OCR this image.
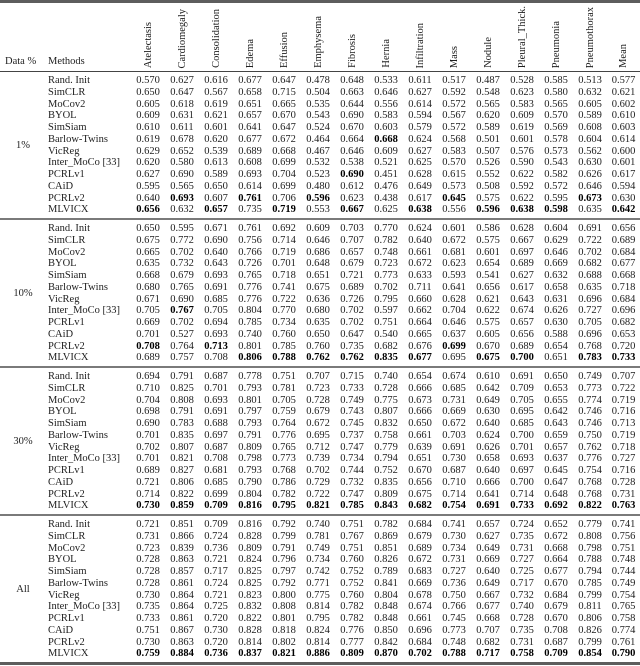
Data %	Methods	Atelectasis Cardiomegaly Consolidation Edema Effusion Emphysema Fibrosis Hernia Infiltration Mass Nodule Pleural_Thick. Pneumonia Pneumothorax Mean
1%
Rand. Init	0.570 0.627 0.616 0.677 0.647 0.478 0.648 0.533	0.611	0.517 0.487 0.528 0.585 0.513 0.577
SimCLR	0.650 0.647 0.567 0.658 0.715 0.504 0.663 0.646 0.627 0.592 0.548 0.623 0.580 0.632 0.621
MoCov2	0.605 0.618 0.619 0.651 0.665 0.535 0.644 0.556 0.614 0.572 0.565 0.583 0.565 0.605 0.602
BYOL	0.609 0.631 0.621 0.657 0.670 0.543 0.690 0.583 0.594 0.567 0.620 0.609 0.570 0.589 0.610
SimSiam	0.610	0.611	0.601 0.641 0.647 0.524 0.670 0.603 0.579 0.572 0.589 0.619 0.569 0.608 0.603
Barlow-Twins	0.619 0.678 0.620 0.677 0.672 0.464 0.664 0.668 0.624 0.568 0.501 0.601 0.578 0.604 0.614
VicReg	0.629 0.652 0.539 0.689 0.668 0.467 0.646 0.609 0.627 0.583 0.507 0.576 0.573 0.562 0.600
Inter_MoCo [33]	0.620 0.580 0.613 0.608 0.699 0.532 0.538 0.521 0.625 0.570 0.526 0.590 0.543 0.630 0.601
PCRLv1	0.627 0.690 0.589 0.693 0.704 0.523 0.690 0.451 0.628 0.615 0.552 0.622 0.582 0.626 0.617
CAiD	0.595 0.565 0.650 0.614 0.699 0.480 0.612 0.476 0.649 0.573 0.508 0.592 0.572 0.646 0.594
PCRLv2	0.640 0.693 0.607 0.761 0.706 0.596 0.623 0.438 0.617 0.645 0.575 0.622 0.595 0.673 0.630
MLVICX	0.656 0.632 0.657 0.735 0.719 0.553 0.667 0.625 0.638 0.556 0.596 0.638 0.598 0.635 0.642
10%
Rand. Init	0.650 0.595 0.671 0.761 0.692 0.609 0.703 0.770 0.624 0.601 0.586 0.628 0.604 0.691 0.656
SimCLR	0.675 0.772 0.690 0.756 0.714 0.646 0.707 0.782 0.640 0.672 0.575 0.667 0.629 0.722 0.689
MoCov2	0.665 0.702 0.640 0.766 0.719 0.686 0.657 0.748 0.661 0.681 0.601 0.697 0.646 0.702 0.684
BYOL	0.635 0.732 0.643 0.726 0.701 0.648 0.679 0.723 0.672 0.623 0.654 0.689 0.669 0.682 0.677
SimSiam	0.668 0.679 0.693 0.765 0.718 0.651 0.721 0.773 0.633 0.593 0.541 0.627 0.632 0.688 0.668
Barlow-Twins	0.680 0.765 0.691 0.776 0.741 0.675 0.689 0.702	0.711	0.641 0.656 0.617 0.658 0.635 0.718
VicReg	0.671 0.690 0.685 0.776 0.722 0.636 0.726 0.795 0.660 0.628 0.621 0.643 0.631 0.696 0.684
Inter_MoCo [33]	0.705 0.767 0.705 0.804 0.770 0.680 0.702 0.597 0.662 0.704 0.622 0.674 0.626 0.727 0.696
PCRLv1	0.669 0.702 0.694 0.785 0.734 0.635 0.702 0.751 0.664 0.646 0.575 0.657 0.630 0.705 0.682
CAiD	0.701 0.527 0.693 0.740 0.760 0.650 0.647 0.540 0.665 0.637 0.605 0.656 0.588 0.696 0.653
PCRLv2	0.708 0.764 0.713 0.801 0.785 0.760 0.735 0.682 0.676 0.699 0.670 0.689 0.654 0.768 0.720
MLVICX	0.689 0.757 0.708 0.806 0.788 0.762 0.762 0.835 0.677 0.695 0.675 0.700 0.651 0.783 0.733
30%
Rand. Init	0.694 0.791 0.687 0.778 0.751 0.707 0.715 0.740 0.654 0.674 0.610 0.691 0.650 0.749 0.707
SimCLR	0.710 0.825 0.701 0.793 0.781 0.723 0.733 0.728 0.666 0.685 0.642 0.709 0.653 0.773 0.722
MoCov2	0.704 0.808 0.693 0.801 0.705 0.728 0.749 0.775 0.673 0.731 0.649 0.705 0.655 0.774 0.719
BYOL	0.698 0.791 0.691 0.797 0.759 0.679 0.743 0.807 0.666 0.669 0.630 0.695 0.642 0.746 0.716
SimSiam	0.690 0.783 0.688 0.793 0.764 0.672 0.745 0.832 0.650 0.672 0.640 0.685 0.643 0.746 0.713
Barlow-Twins	0.701 0.835 0.697 0.791 0.776 0.695 0.737 0.758 0.661 0.703 0.624 0.700 0.659 0.750 0.719
VicReg	0.702 0.807 0.687 0.809 0.765 0.712 0.747 0.779 0.639 0.691 0.626 0.701 0.657 0.762 0.718
Inter_MoCo [33]	0.701 0.821 0.708 0.798 0.773 0.739 0.734 0.794 0.651 0.730 0.658 0.693 0.637 0.776 0.727
PCRLv1	0.689 0.827 0.681 0.793 0.768 0.702 0.744 0.752 0.670 0.687 0.640 0.697 0.645 0.754 0.716
CAiD	0.721 0.806 0.685 0.790 0.786 0.729 0.732 0.835 0.656 0.710 0.666 0.700 0.647 0.768 0.728
PCRLv2	0.714 0.822 0.699 0.804 0.782 0.722 0.747 0.809 0.675 0.714 0.641 0.714 0.648 0.768 0.731
MLVICX	0.730 0.859 0.709 0.816 0.795 0.821 0.785 0.843 0.682 0.754 0.691 0.733 0.692 0.822 0.763
All
Rand. Init	0.721 0.851 0.709 0.816 0.792 0.740 0.751 0.782 0.684 0.741 0.657 0.724 0.652 0.779 0.741
SimCLR	0.731 0.866 0.724 0.828 0.799 0.781 0.767 0.869 0.679 0.730 0.627 0.735 0.672 0.808 0.756
MoCov2	0.723 0.839 0.736 0.809 0.791 0.749 0.751 0.851 0.689 0.734 0.649 0.731 0.668 0.798 0.751
BYOL	0.728 0.863 0.721 0.824 0.796 0.734 0.760 0.826 0.672 0.731 0.669 0.727 0.664 0.788 0.748
SimSiam	0.728 0.857 0.717 0.825 0.797 0.742 0.752 0.789 0.683 0.727 0.640 0.725 0.677 0.794 0.744
Barlow-Twins	0.728 0.861 0.724 0.825 0.792 0.771 0.752 0.841 0.669 0.736 0.649 0.717 0.670 0.785 0.749
VicReg	0.730 0.864 0.721 0.823 0.800 0.775 0.760 0.804 0.678 0.750 0.667 0.732 0.684 0.799 0.754
Inter_MoCo [33]	0.735 0.864 0.725 0.832 0.808 0.814 0.782 0.848 0.674 0.766 0.677 0.740 0.679	0.811 0.765
PCRLv1	0.733 0.861 0.720 0.822 0.801 0.795 0.782 0.848 0.661 0.745 0.668 0.728 0.670 0.806 0.758
CAiD	0.751 0.867 0.730 0.828 0.818 0.824 0.776 0.850 0.696 0.773 0.707 0.735 0.708 0.826 0.774
PCRLv2	0.730 0.863 0.720 0.814 0.802 0.814 0.777 0.842 0.684 0.748 0.682 0.731 0.687 0.799 0.761
MLVICX	0.759 0.884 0.736 0.837 0.821 0.886 0.809 0.870 0.702 0.788 0.717 0.758 0.709 0.854 0.790
